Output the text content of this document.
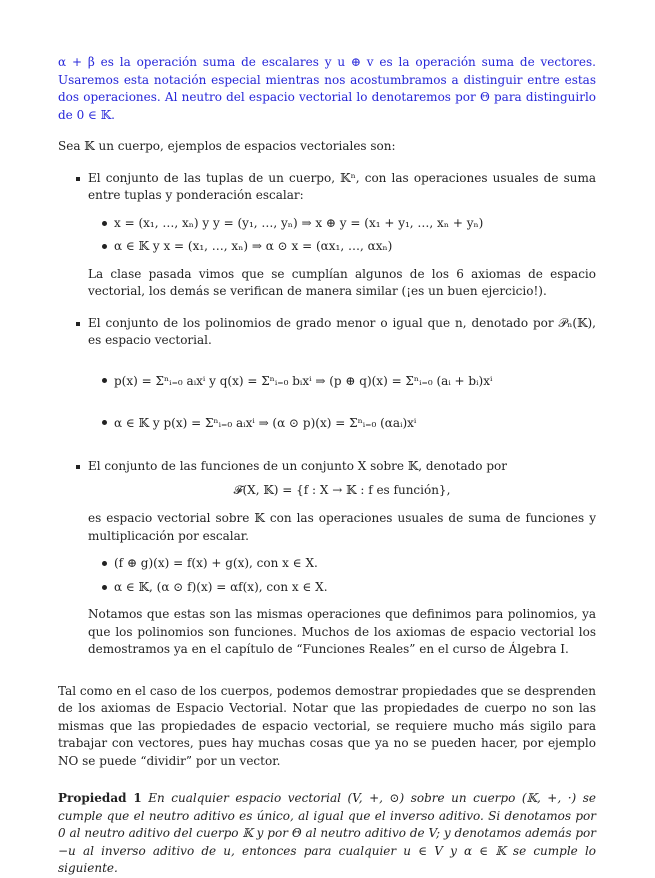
α + β es la operación suma de escalares y u ⊕ v es la operación suma de vectores. Usaremos esta notación especial mientras nos acostumbramos a distinguir entre estas dos operaciones. Al neutro del espacio vectorial lo denotaremos por Θ para distinguirlo de 0 ∈ 𝕂.

Sea 𝕂 un cuerpo, ejemplos de espacios vectoriales son:

El conjunto de las tuplas de un cuerpo, 𝕂ⁿ, con las operaciones usuales de suma entre tuplas y ponderación escalar:

x = (x₁, …, xₙ) y y = (y₁, …, yₙ) ⇒ x ⊕ y = (x₁ + y₁, …, xₙ + yₙ)
α ∈ 𝕂 y x = (x₁, …, xₙ) ⇒ α ⊙ x = (αx₁, …, αxₙ)

La clase pasada vimos que se cumplían algunos de los 6 axiomas de espacio vectorial, los demás se verifican de manera similar (¡es un buen ejercicio!).

El conjunto de los polinomios de grado menor o igual que n, denotado por 𝒫ₙ(𝕂), es espacio vectorial.

p(x) = Σⁿᵢ₌₀ aᵢxⁱ y q(x) = Σⁿᵢ₌₀ bᵢxⁱ ⇒ (p ⊕ q)(x) = Σⁿᵢ₌₀ (aᵢ + bᵢ)xⁱ
α ∈ 𝕂 y p(x) = Σⁿᵢ₌₀ aᵢxⁱ ⇒ (α ⊙ p)(x) = Σⁿᵢ₌₀ (αaᵢ)xⁱ

El conjunto de las funciones de un conjunto X sobre 𝕂, denotado por

𝓕(X, 𝕂) = {f : X → 𝕂 : f es función},

es espacio vectorial sobre 𝕂 con las operaciones usuales de suma de funciones y multiplicación por escalar.

(f ⊕ g)(x) = f(x) + g(x), con x ∈ X.
α ∈ 𝕂, (α ⊙ f)(x) = αf(x), con x ∈ X.

Notamos que estas son las mismas operaciones que definimos para polinomios, ya que los polinomios son funciones. Muchos de los axiomas de espacio vectorial los demostramos ya en el capítulo de “Funciones Reales” en el curso de Álgebra I.

Tal como en el caso de los cuerpos, podemos demostrar propiedades que se desprenden de los axiomas de Espacio Vectorial. Notar que las propiedades de cuerpo no son las mismas que las propiedades de espacio vectorial, se requiere mucho más sigilo para trabajar con vectores, pues hay muchas cosas que ya no se pueden hacer, por ejemplo NO se puede “dividir” por un vector.

Propiedad 1 En cualquier espacio vectorial (V, +, ⊙) sobre un cuerpo (𝕂, +, ·) se cumple que el neutro aditivo es único, al igual que el inverso aditivo. Si denotamos por 0 al neutro aditivo del cuerpo 𝕂 y por Θ al neutro aditivo de V; y denotamos además por −u al inverso aditivo de u, entonces para cualquier u ∈ V y α ∈ 𝕂 se cumple lo siguiente.
